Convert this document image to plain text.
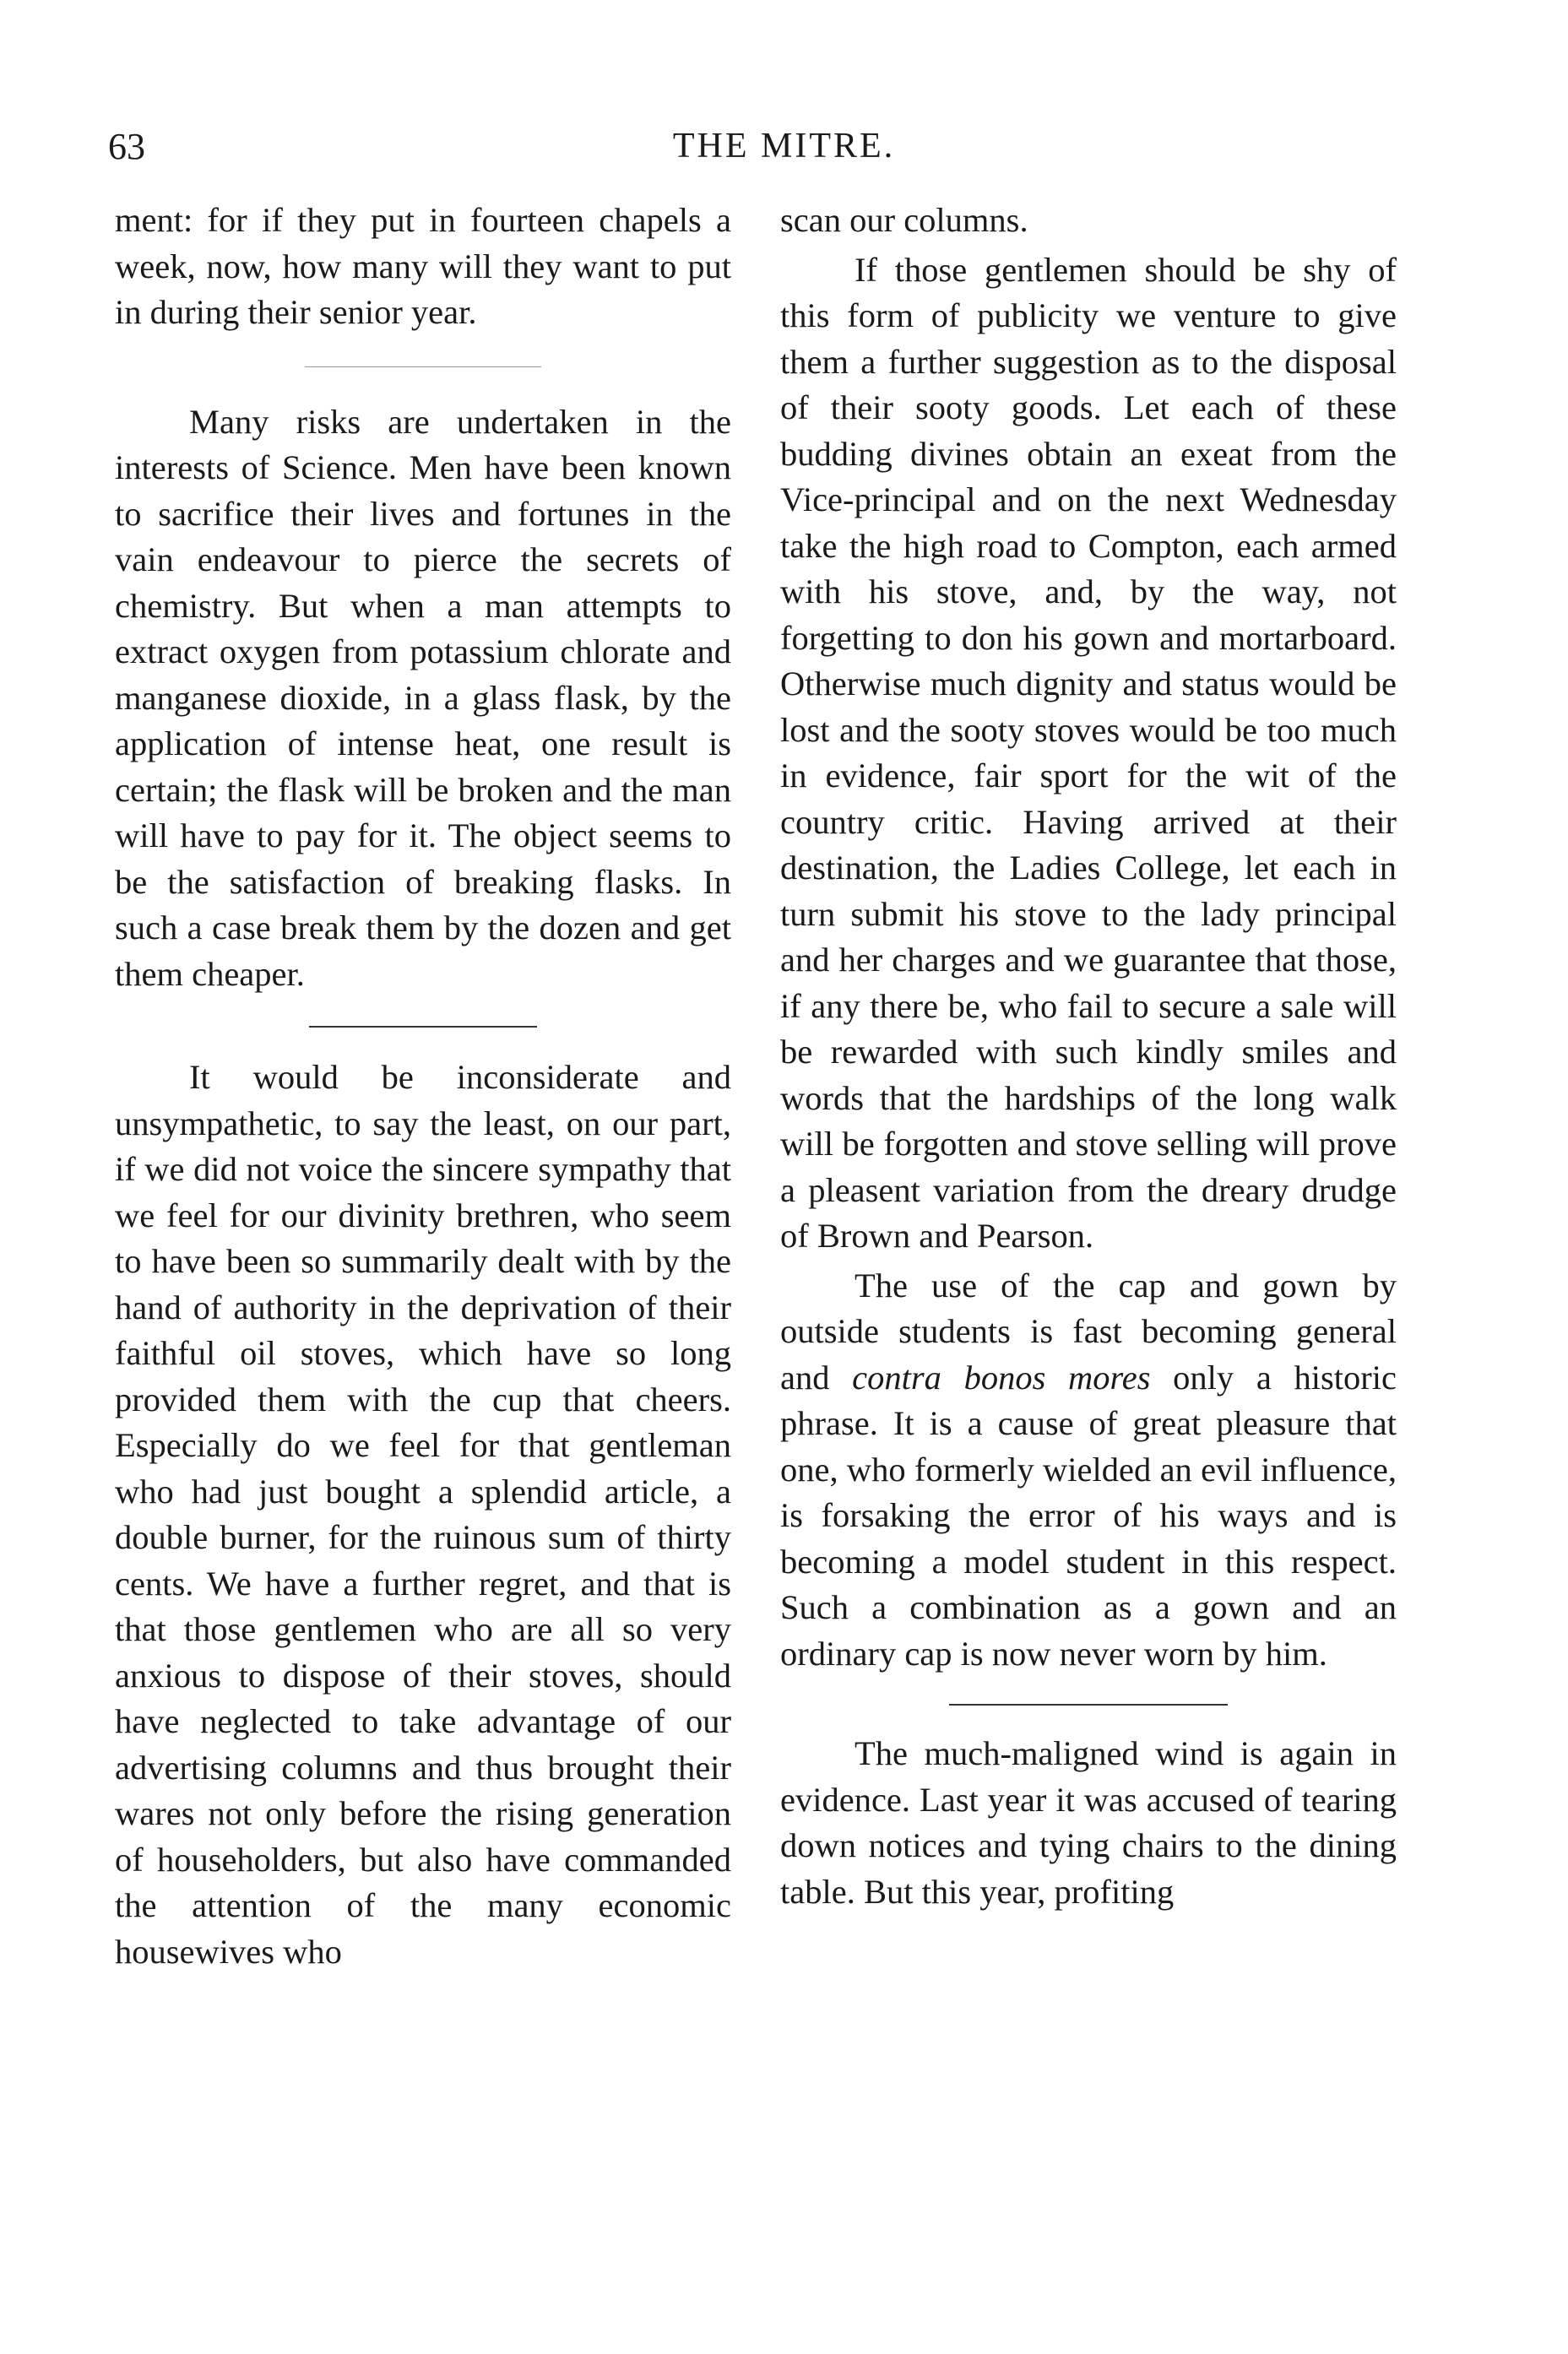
63	THE MITRE.

ment: for if they put in fourteen chapels a week, now, how many will they want to put in during their senior year.

Many risks are undertaken in the interests of Science. Men have been known to sacrifice their lives and fortunes in the vain endeavour to pierce the secrets of chemistry. But when a man attempts to extract oxygen from potassium chlorate and manganese dioxide, in a glass flask, by the application of intense heat, one result is certain; the flask will be broken and the man will have to pay for it. The object seems to be the satisfaction of breaking flasks. In such a case break them by the dozen and get them cheaper.

It would be inconsiderate and unsympathetic, to say the least, on our part, if we did not voice the sincere sympathy that we feel for our divinity brethren, who seem to have been so summarily dealt with by the hand of authority in the deprivation of their faithful oil stoves, which have so long provided them with the cup that cheers. Especially do we feel for that gentleman who had just bought a splendid article, a double burner, for the ruinous sum of thirty cents. We have a further regret, and that is that those gentlemen who are all so very anxious to dispose of their stoves, should have neglected to take advantage of our advertising columns and thus brought their wares not only before the rising generation of householders, but also have commanded the attention of the many economic housewives who

scan our columns.

If those gentlemen should be shy of this form of publicity we venture to give them a further suggestion as to the disposal of their sooty goods. Let each of these budding divines obtain an exeat from the Vice-principal and on the next Wednesday take the high road to Compton, each armed with his stove, and, by the way, not forgetting to don his gown and mortarboard. Otherwise much dignity and status would be lost and the sooty stoves would be too much in evidence, fair sport for the wit of the country critic. Having arrived at their destination, the Ladies College, let each in turn submit his stove to the lady principal and her charges and we guarantee that those, if any there be, who fail to secure a sale will be rewarded with such kindly smiles and words that the hardships of the long walk will be forgotten and stove selling will prove a pleasent variation from the dreary drudge of Brown and Pearson.

The use of the cap and gown by outside students is fast becoming general and contra bonos mores only a historic phrase. It is a cause of great pleasure that one, who formerly wielded an evil influence, is forsaking the error of his ways and is becoming a model student in this respect. Such a combination as a gown and an ordinary cap is now never worn by him.

The much-maligned wind is again in evidence. Last year it was accused of tearing down notices and tying chairs to the dining table. But this year, profiting
